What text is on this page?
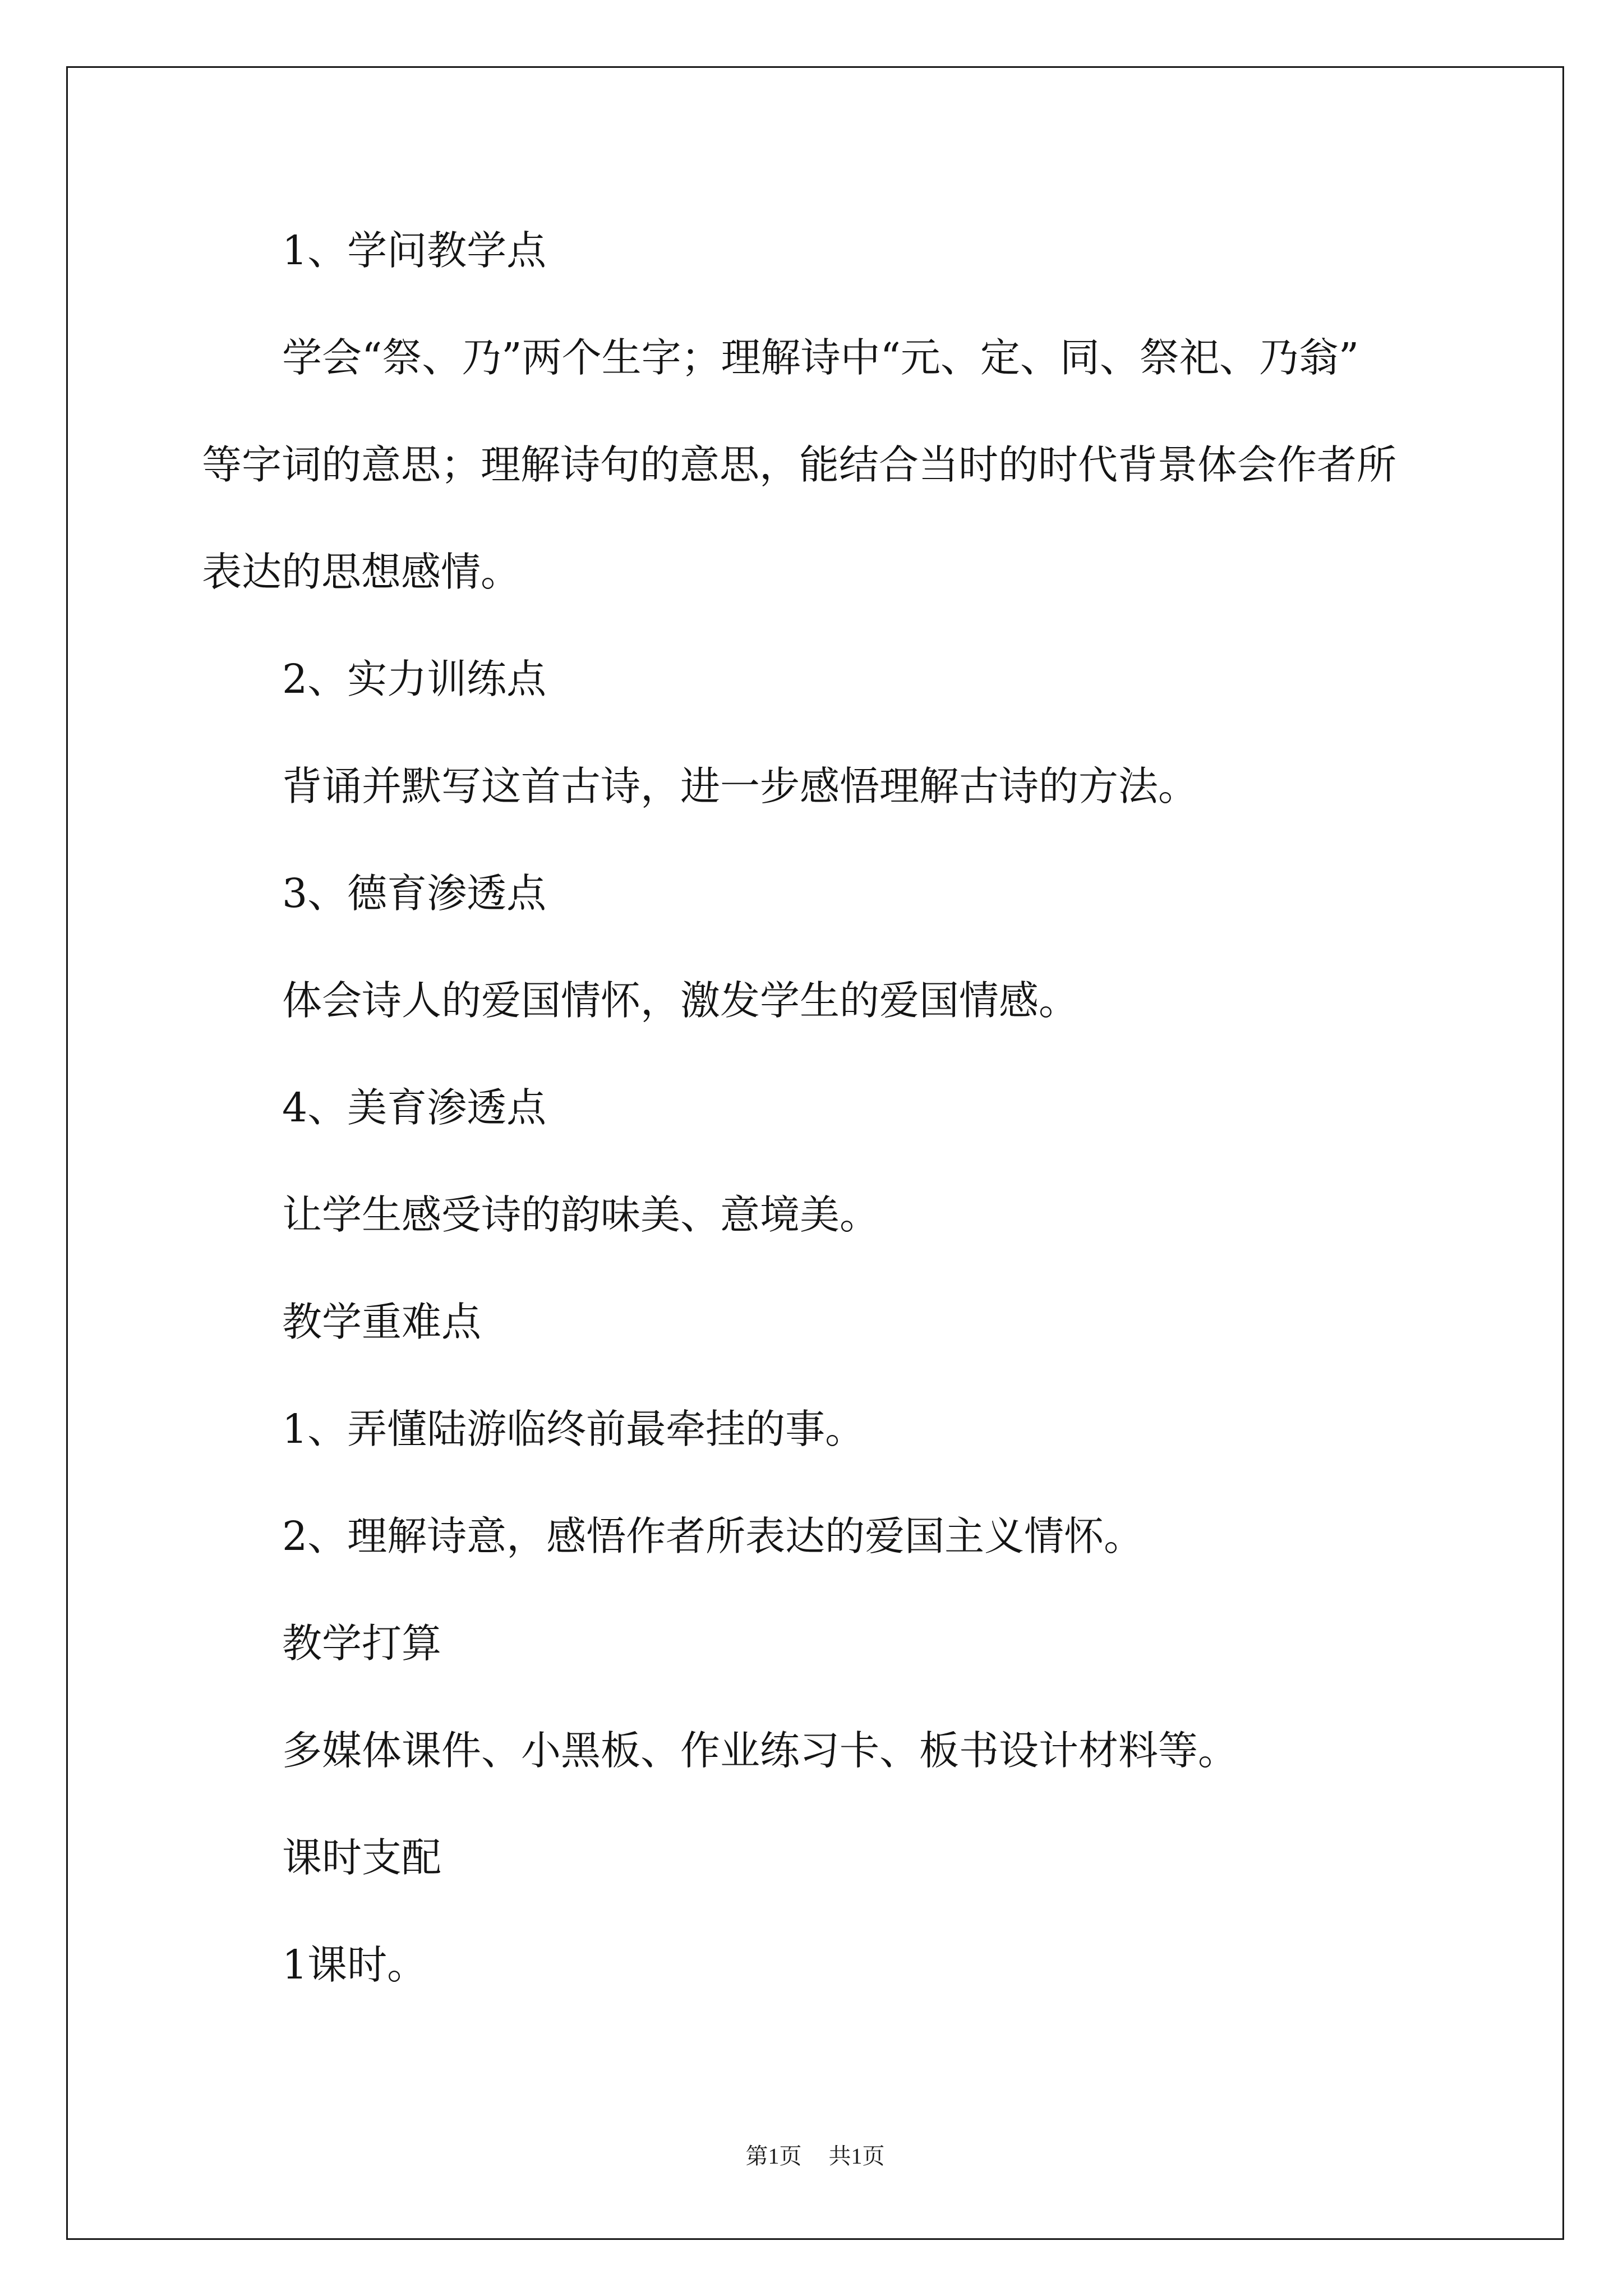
1、学问教学点

学会“祭、乃”两个生字；理解诗中“元、定、同、祭祀、乃翁”
等字词的意思；理解诗句的意思，能结合当时的时代背景体会作者所
表达的思想感情。

2、实力训练点

背诵并默写这首古诗，进一步感悟理解古诗的方法。

3、德育渗透点

体会诗人的爱国情怀，激发学生的爱国情感。

4、美育渗透点

让学生感受诗的韵味美、意境美。

教学重难点

1、弄懂陆游临终前最牵挂的事。

2、理解诗意，感悟作者所表达的爱国主义情怀。

教学打算

多媒体课件、小黑板、作业练习卡、板书设计材料等。

课时支配

1课时。

第1页 共1页
